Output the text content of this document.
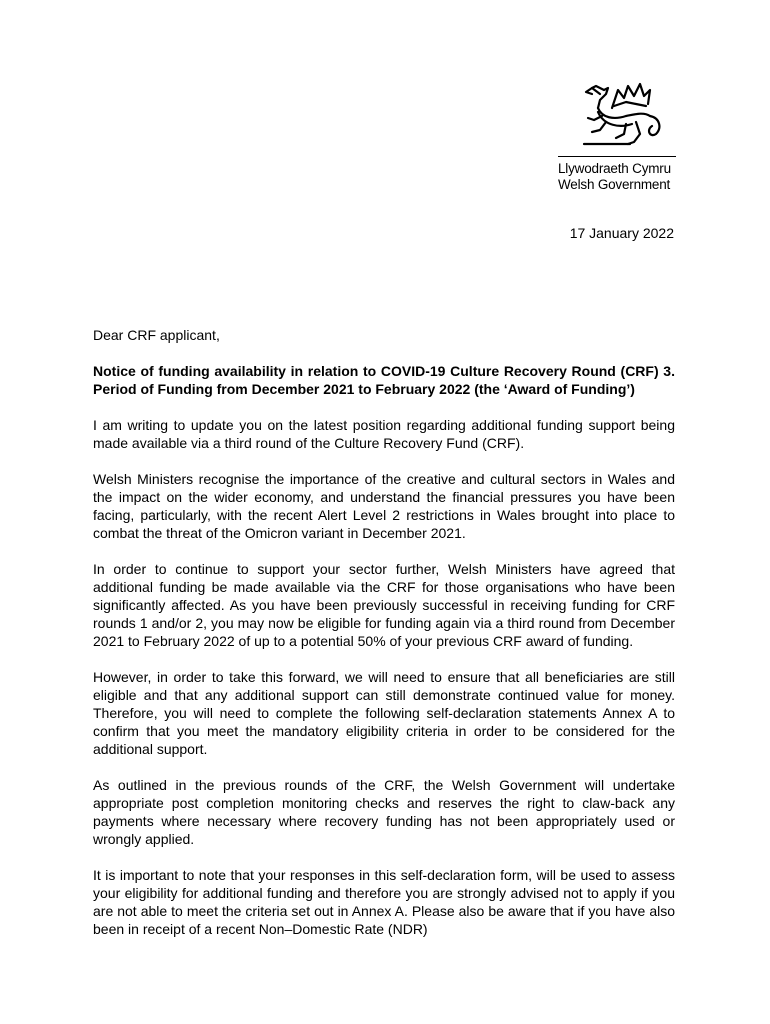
Llywodraeth Cymru
Welsh Government
17 January 2022

Dear CRF applicant,

Notice of funding availability in relation to COVID-19 Culture Recovery Round (CRF) 3. Period of Funding from December 2021 to February 2022 (the ‘Award of Funding’)

I am writing to update you on the latest position regarding additional funding support being made available via a third round of the Culture Recovery Fund (CRF).

Welsh Ministers recognise the importance of the creative and cultural sectors in Wales and the impact on the wider economy, and understand the financial pressures you have been facing, particularly, with the recent Alert Level 2 restrictions in Wales brought into place to combat the threat of the Omicron variant in December 2021.

In order to continue to support your sector further, Welsh Ministers have agreed that additional funding be made available via the CRF for those organisations who have been significantly affected. As you have been previously successful in receiving funding for CRF rounds 1 and/or 2, you may now be eligible for funding again via a third round from December 2021 to February 2022 of up to a potential 50% of your previous CRF award of funding.

However, in order to take this forward, we will need to ensure that all beneficiaries are still eligible and that any additional support can still demonstrate continued value for money. Therefore, you will need to complete the following self-declaration statements Annex A to confirm that you meet the mandatory eligibility criteria in order to be considered for the additional support.

As outlined in the previous rounds of the CRF, the Welsh Government will undertake appropriate post completion monitoring checks and reserves the right to claw-back any payments where necessary where recovery funding has not been appropriately used or wrongly applied.

It is important to note that your responses in this self-declaration form, will be used to assess your eligibility for additional funding and therefore you are strongly advised not to apply if you are not able to meet the criteria set out in Annex A. Please also be aware that if you have also been in receipt of a recent Non–Domestic Rate (NDR)
